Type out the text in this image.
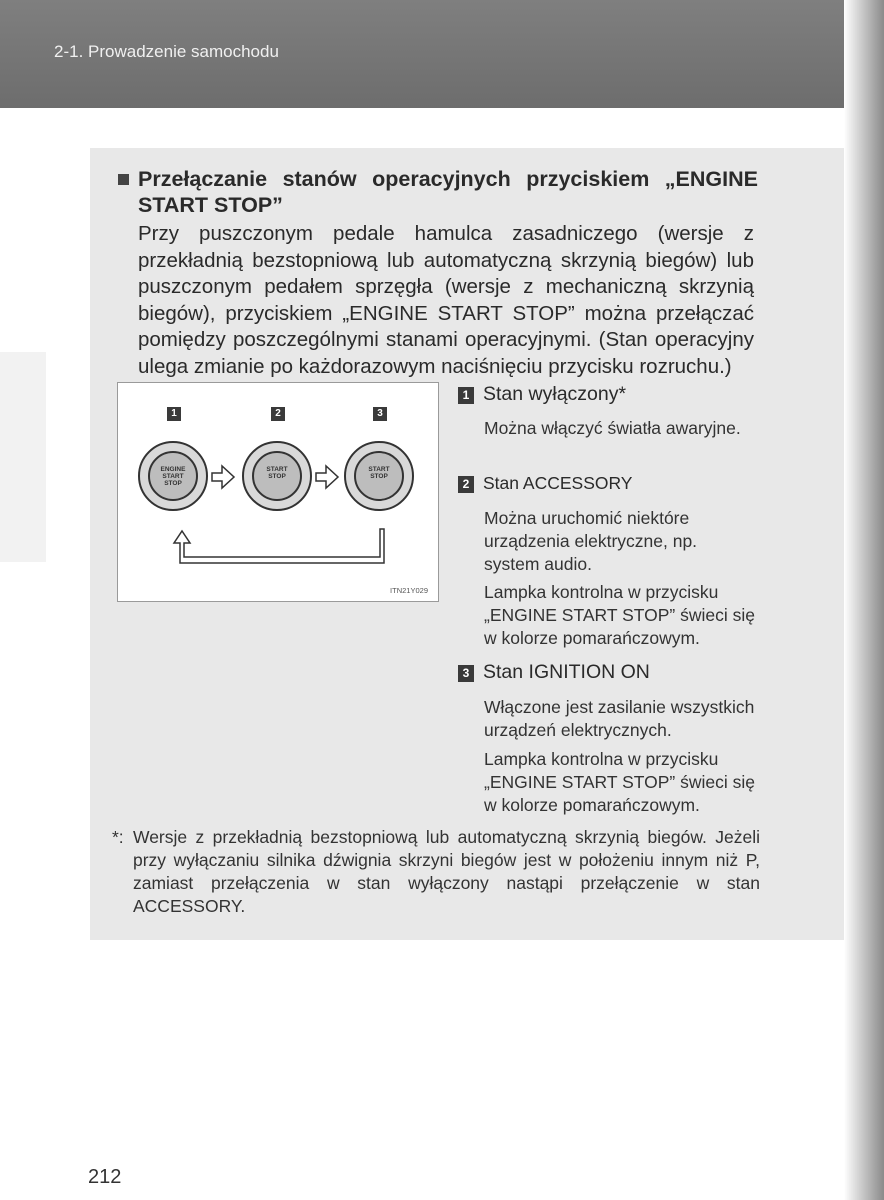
2-1. Prowadzenie samochodu
Przełączanie stanów operacyjnych przyciskiem „ENGINE START STOP”
Przy puszczonym pedale hamulca zasadniczego (wersje z przekładnią bezstopniową lub automatyczną skrzynią biegów) lub puszczonym pedałem sprzęgła (wersje z mechaniczną skrzynią biegów), przyciskiem „ENGINE START STOP” można przełączać pomiędzy poszczególnymi stanami operacyjnymi. (Stan operacyjny ulega zmianie po każdorazowym naciśnięciu przycisku rozruchu.)
1	2	3
ENGINE
START
STOP
START
STOP
START
STOP
ITN21Y029
1 Stan wyłączony*
Można włączyć światła awaryjne.
2 Stan ACCESSORY
Można uruchomić niektóre urządzenia elektryczne, np. system audio.
Lampka kontrolna w przycisku „ENGINE START STOP” świeci się w kolorze pomarańczowym.
3 Stan IGNITION ON
Włączone jest zasilanie wszystkich urządzeń elektrycznych.
Lampka kontrolna w przycisku „ENGINE START STOP” świeci się w kolorze pomarańczowym.
*: Wersje z przekładnią bezstopniową lub automatyczną skrzynią biegów. Jeżeli przy wyłączaniu silnika dźwignia skrzyni biegów jest w położeniu innym niż P, zamiast przełączenia w stan wyłączony nastąpi przełączenie w stan ACCESSORY.
212
